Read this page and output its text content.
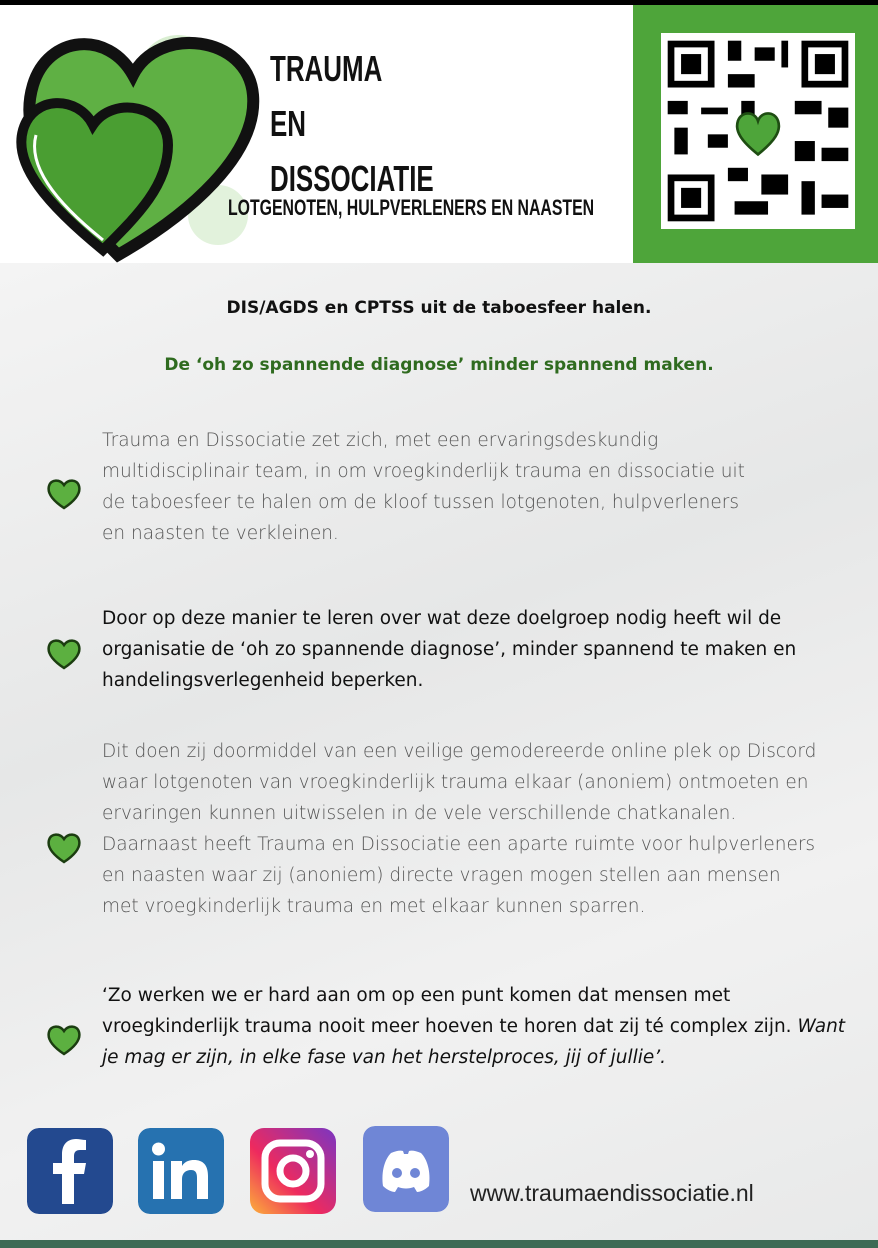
TRAUMA
EN
DISSOCIATIE
LOTGENOTEN, HULPVERLENERS EN NAASTEN
DIS/AGDS en CPTSS uit de taboesfeer halen.
De ‘oh zo spannende diagnose’ minder spannend maken.
Trauma en Dissociatie zet zich, met een ervaringsdeskundig multidisciplinair team, in om vroegkinderlijk trauma en dissociatie uit de taboesfeer te halen om de kloof tussen lotgenoten, hulpverleners en naasten te verkleinen.
Door op deze manier te leren over wat deze doelgroep nodig heeft wil de organisatie de ‘oh zo spannende diagnose’, minder spannend te maken en handelingsverlegenheid beperken.
Dit doen zij doormiddel van een veilige gemodereerde online plek op Discord waar lotgenoten van vroegkinderlijk trauma elkaar (anoniem) ontmoeten en ervaringen kunnen uitwisselen in de vele verschillende chatkanalen. Daarnaast heeft Trauma en Dissociatie een aparte ruimte voor hulpverleners en naasten waar zij (anoniem) directe vragen mogen stellen aan mensen met vroegkinderlijk trauma en met elkaar kunnen sparren.
‘Zo werken we er hard aan om op een punt komen dat mensen met vroegkinderlijk trauma nooit meer hoeven te horen dat zij té complex zijn. Want je mag er zijn, in elke fase van het herstelproces, jij of jullie’.
www.traumaendissociatie.nl
